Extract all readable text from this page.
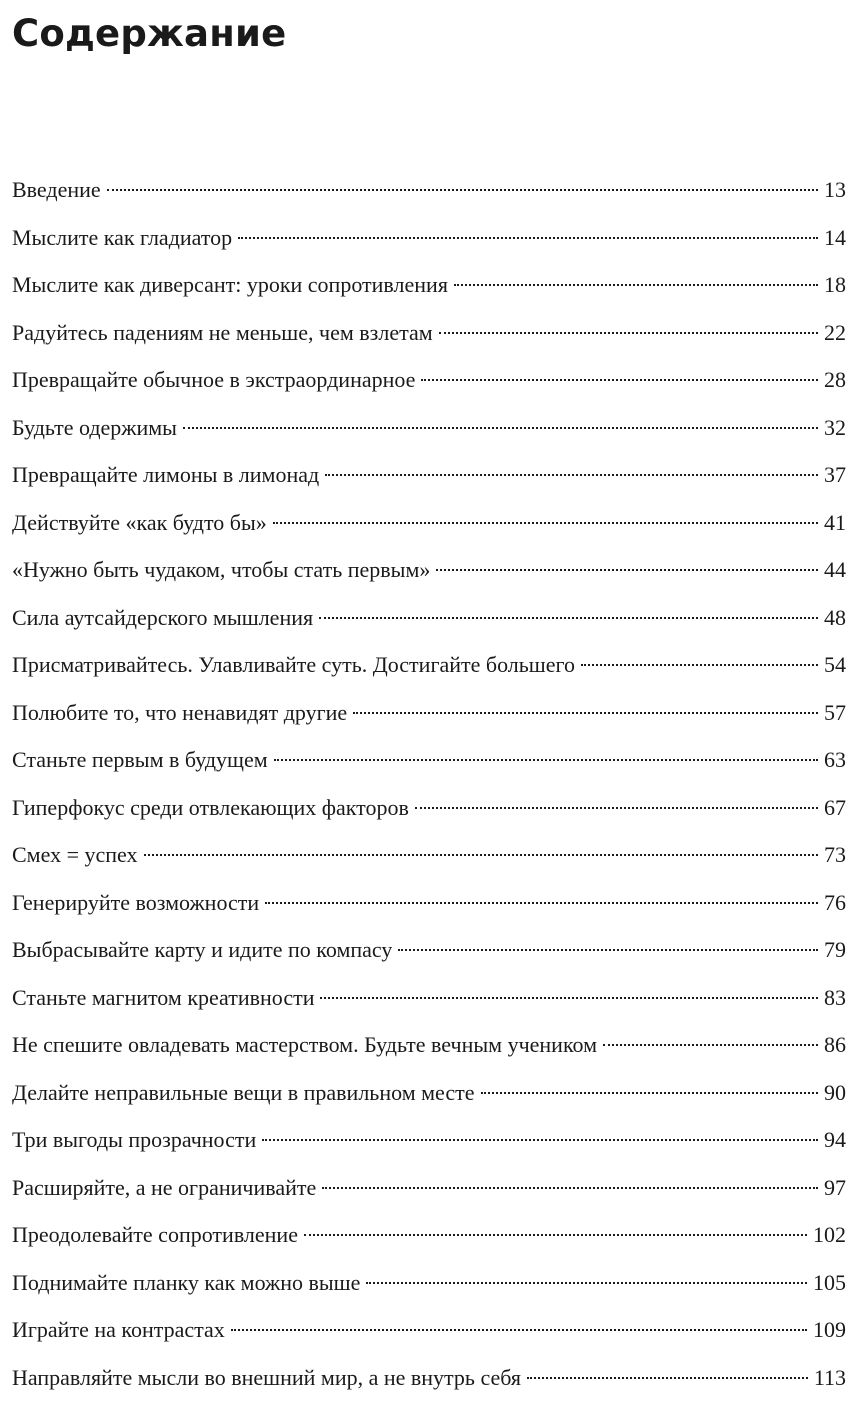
Содержание
Введение	13
Мыслите как гладиатор	14
Мыслите как диверсант: уроки сопротивления	18
Радуйтесь падениям не меньше, чем взлетам	22
Превращайте обычное в экстраординарное	28
Будьте одержимы	32
Превращайте лимоны в лимонад	37
Действуйте «как будто бы»	41
«Нужно быть чудаком, чтобы стать первым»	44
Сила аутсайдерского мышления	48
Присматривайтесь. Улавливайте суть. Достигайте большего	54
Полюбите то, что ненавидят другие	57
Станьте первым в будущем	63
Гиперфокус среди отвлекающих факторов	67
Смех = успех	73
Генерируйте возможности	76
Выбрасывайте карту и идите по компасу	79
Станьте магнитом креативности	83
Не спешите овладевать мастерством. Будьте вечным учеником	86
Делайте неправильные вещи в правильном месте	90
Три выгоды прозрачности	94
Расширяйте, а не ограничивайте	97
Преодолевайте сопротивление	102
Поднимайте планку как можно выше	105
Играйте на контрастах	109
Направляйте мысли во внешний мир, а не внутрь себя	113
